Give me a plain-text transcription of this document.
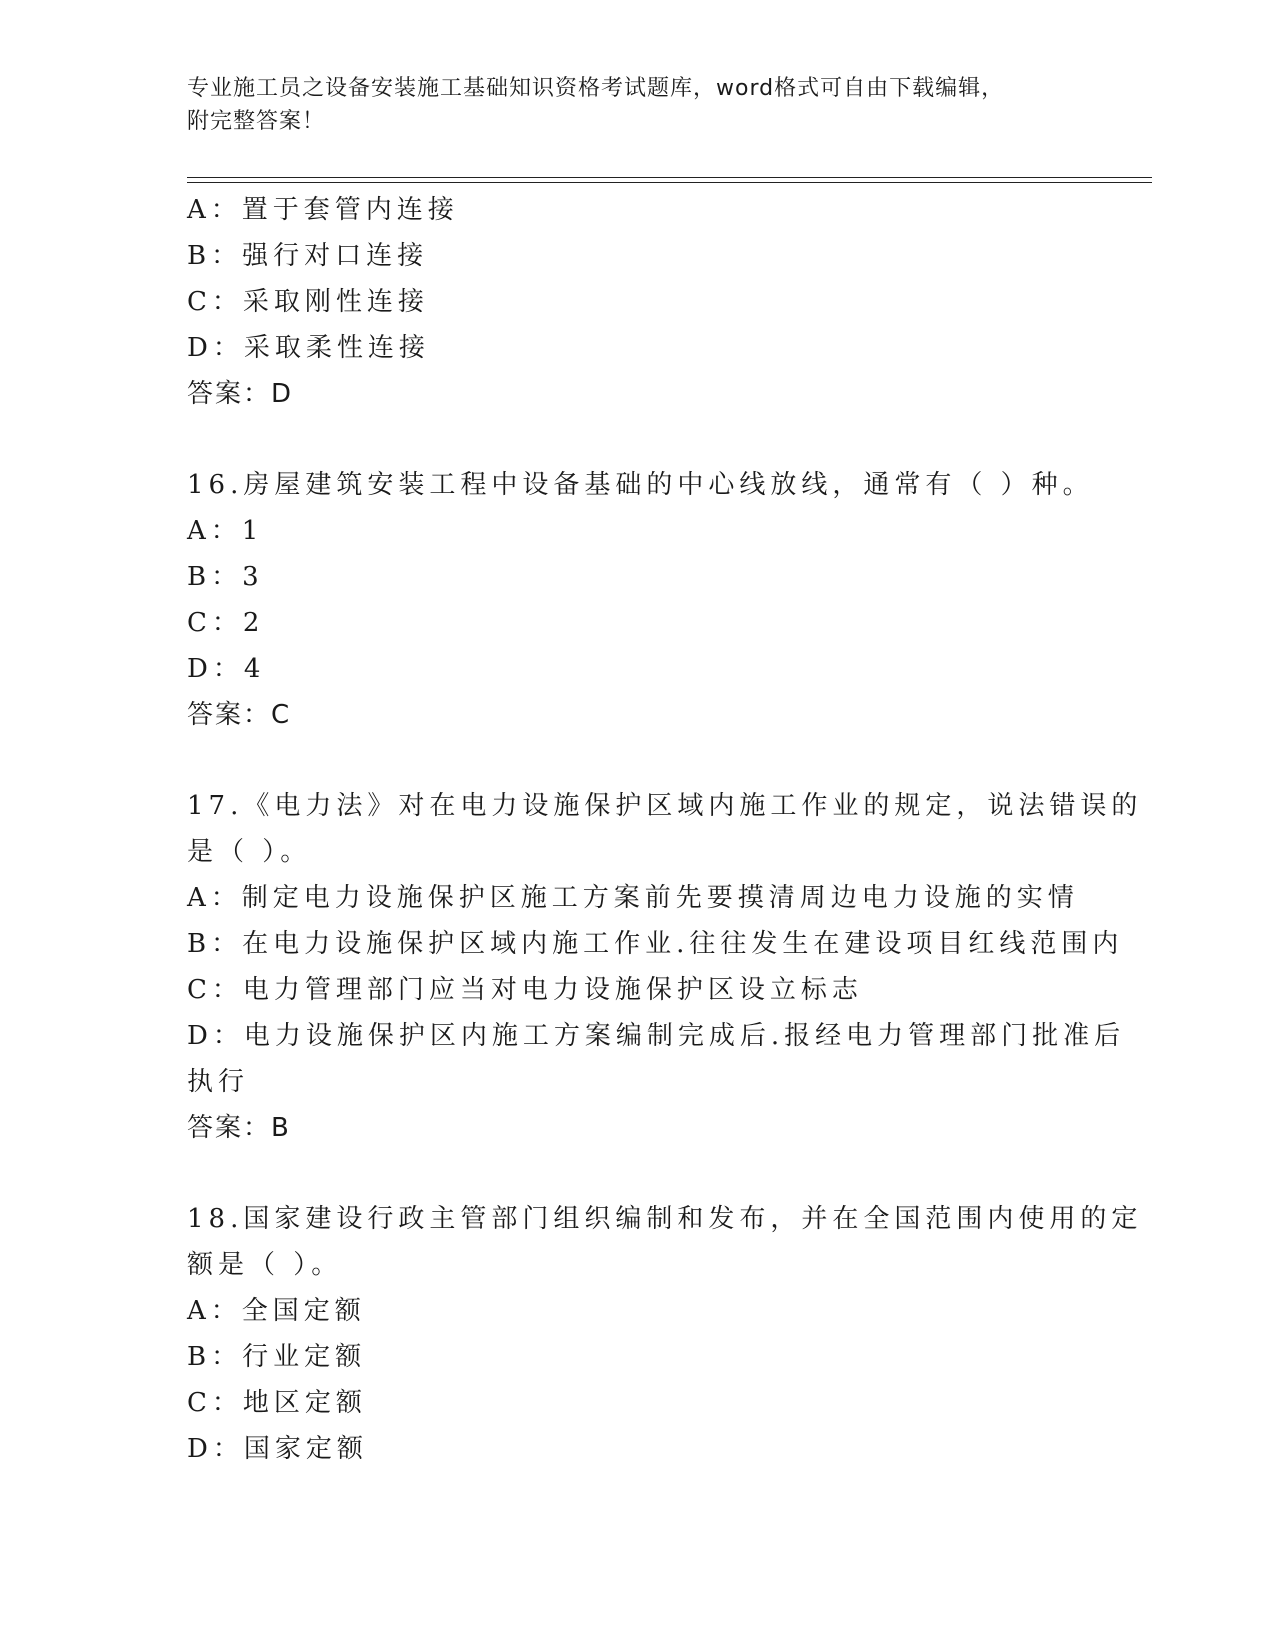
专业施工员之设备安装施工基础知识资格考试题库，word格式可自由下载编辑，
附完整答案！
A：置于套管内连接
B：强行对口连接
C：采取刚性连接
D：采取柔性连接
答案：D
16.房屋建筑安装工程中设备基础的中心线放线，通常有（ ）种。
A：1
B：3
C：2
D：4
答案：C
17.《电力法》对在电力设施保护区域内施工作业的规定，说法错误的
是（ ）。
A：制定电力设施保护区施工方案前先要摸清周边电力设施的实情
B：在电力设施保护区域内施工作业.往往发生在建设项目红线范围内
C：电力管理部门应当对电力设施保护区设立标志
D：电力设施保护区内施工方案编制完成后.报经电力管理部门批准后
执行
答案：B
18.国家建设行政主管部门组织编制和发布，并在全国范围内使用的定
额是（ ）。
A：全国定额
B：行业定额
C：地区定额
D：国家定额
